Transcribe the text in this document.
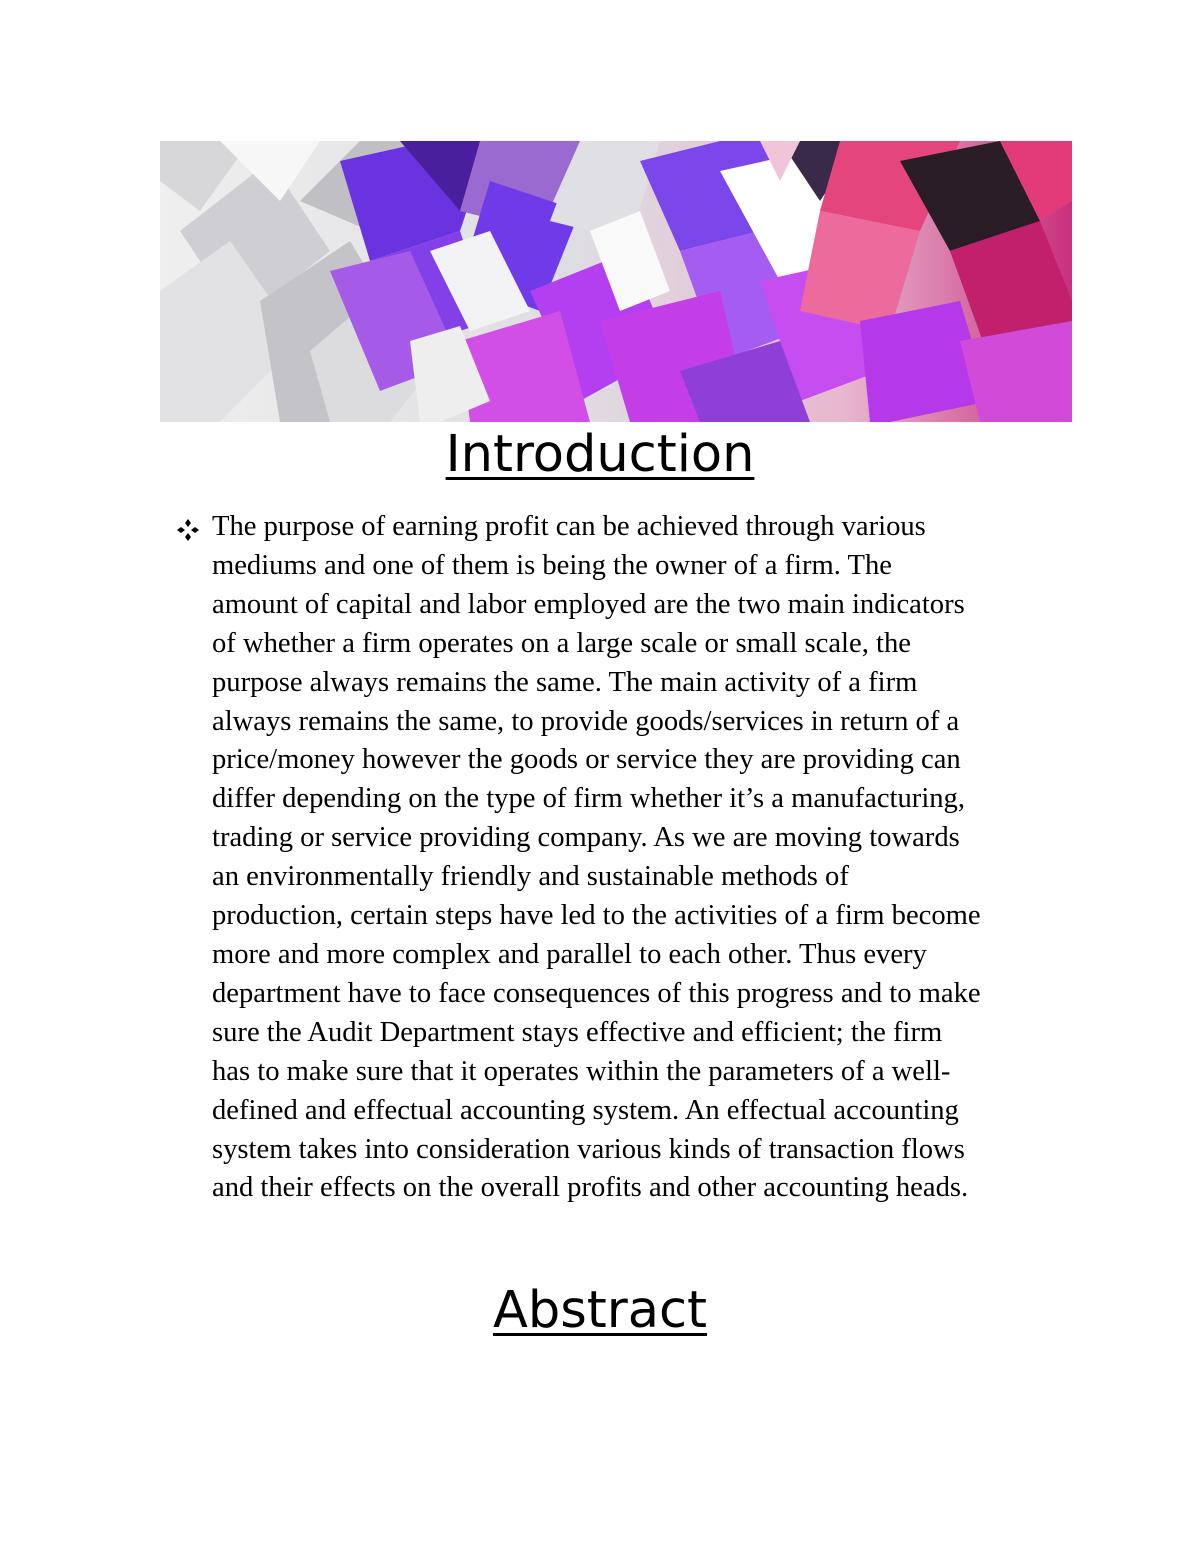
Introduction

The purpose of earning profit can be achieved through various
mediums and one of them is being the owner of a firm. The
amount of capital and labor employed are the two main indicators
of whether a firm operates on a large scale or small scale, the
purpose always remains the same. The main activity of a firm
always remains the same, to provide goods/services in return of a
price/money however the goods or service they are providing can
differ depending on the type of firm whether it’s a manufacturing,
trading or service providing company. As we are moving towards
an environmentally friendly and sustainable methods of
production, certain steps have led to the activities of a firm become
more and more complex and parallel to each other. Thus every
department have to face consequences of this progress and to make
sure the Audit Department stays effective and efficient; the firm
has to make sure that it operates within the parameters of a well-
defined and effectual accounting system. An effectual accounting
system takes into consideration various kinds of transaction flows
and their effects on the overall profits and other accounting heads.

Abstract
